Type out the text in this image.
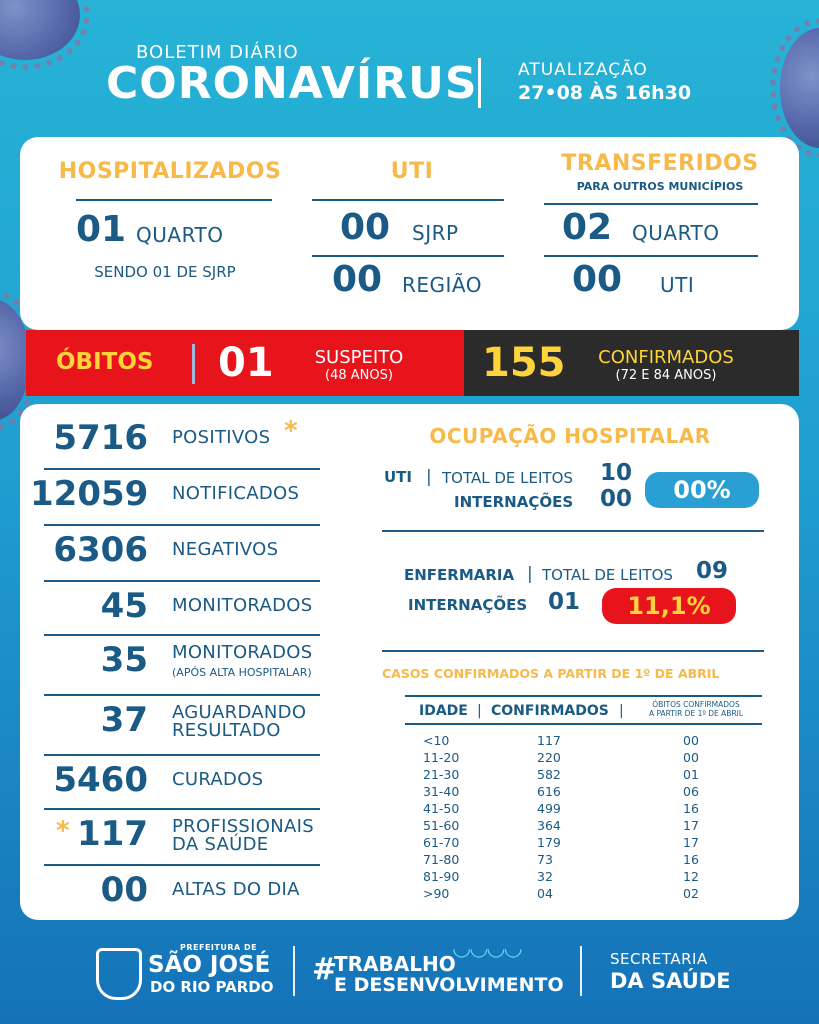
BOLETIM DIÁRIO
CORONAVÍRUS ATUALIZAÇÃO
27•08 ÀS 16h30
HOSPITALIZADOS
01 QUARTO
SENDO 01 DE SJRP
UTI
00 SJRP
00 REGIÃO
TRANSFERIDOS
PARA OUTROS MUNICÍPIOS
02 QUARTO
00 UTI
ÓBITOS 01	SUSPEITO
(48 ANOS)	155	CONFIRMADOS
(72 E 84 ANOS)
5716 POSITIVOS *
12059 NOTIFICADOS
6306 NEGATIVOS
45 MONITORADOS
35 MONITORADOS
(APÓS ALTA HOSPITALAR)
37 AGUARDANDO
RESULTADO
5460 CURADOS
117 PROFISSIONAIS
DA SAÚDE
*
00 ALTAS DO DIA
OCUPAÇÃO HOSPITALAR
UTI | TOTAL DE LEITOS 10
INTERNAÇÕES 00	00%
ENFERMARIA | TOTAL DE LEITOS 09
INTERNAÇÕES 01	11,1%
CASOS CONFIRMADOS A PARTIR DE 1º DE ABRIL
IDADE | CONFIRMADOS |	ÓBITOS CONFIRMADOS
A PARTIR DE 1º DE ABRIL
<10	117	00
11-20	220	00
21-30	582	01
31-40	616	06
41-50	499	16
51-60	364	17
61-70	179	17
71-80	73	16
81-90	32	12
>90	04	02
PREFEITURA DE
SÃO JOSÉ
DO RIO PARDO
◡◡◡◡
#
TRABALHO
E DESENVOLVIMENTO
SECRETARIA
DA SAÚDE
